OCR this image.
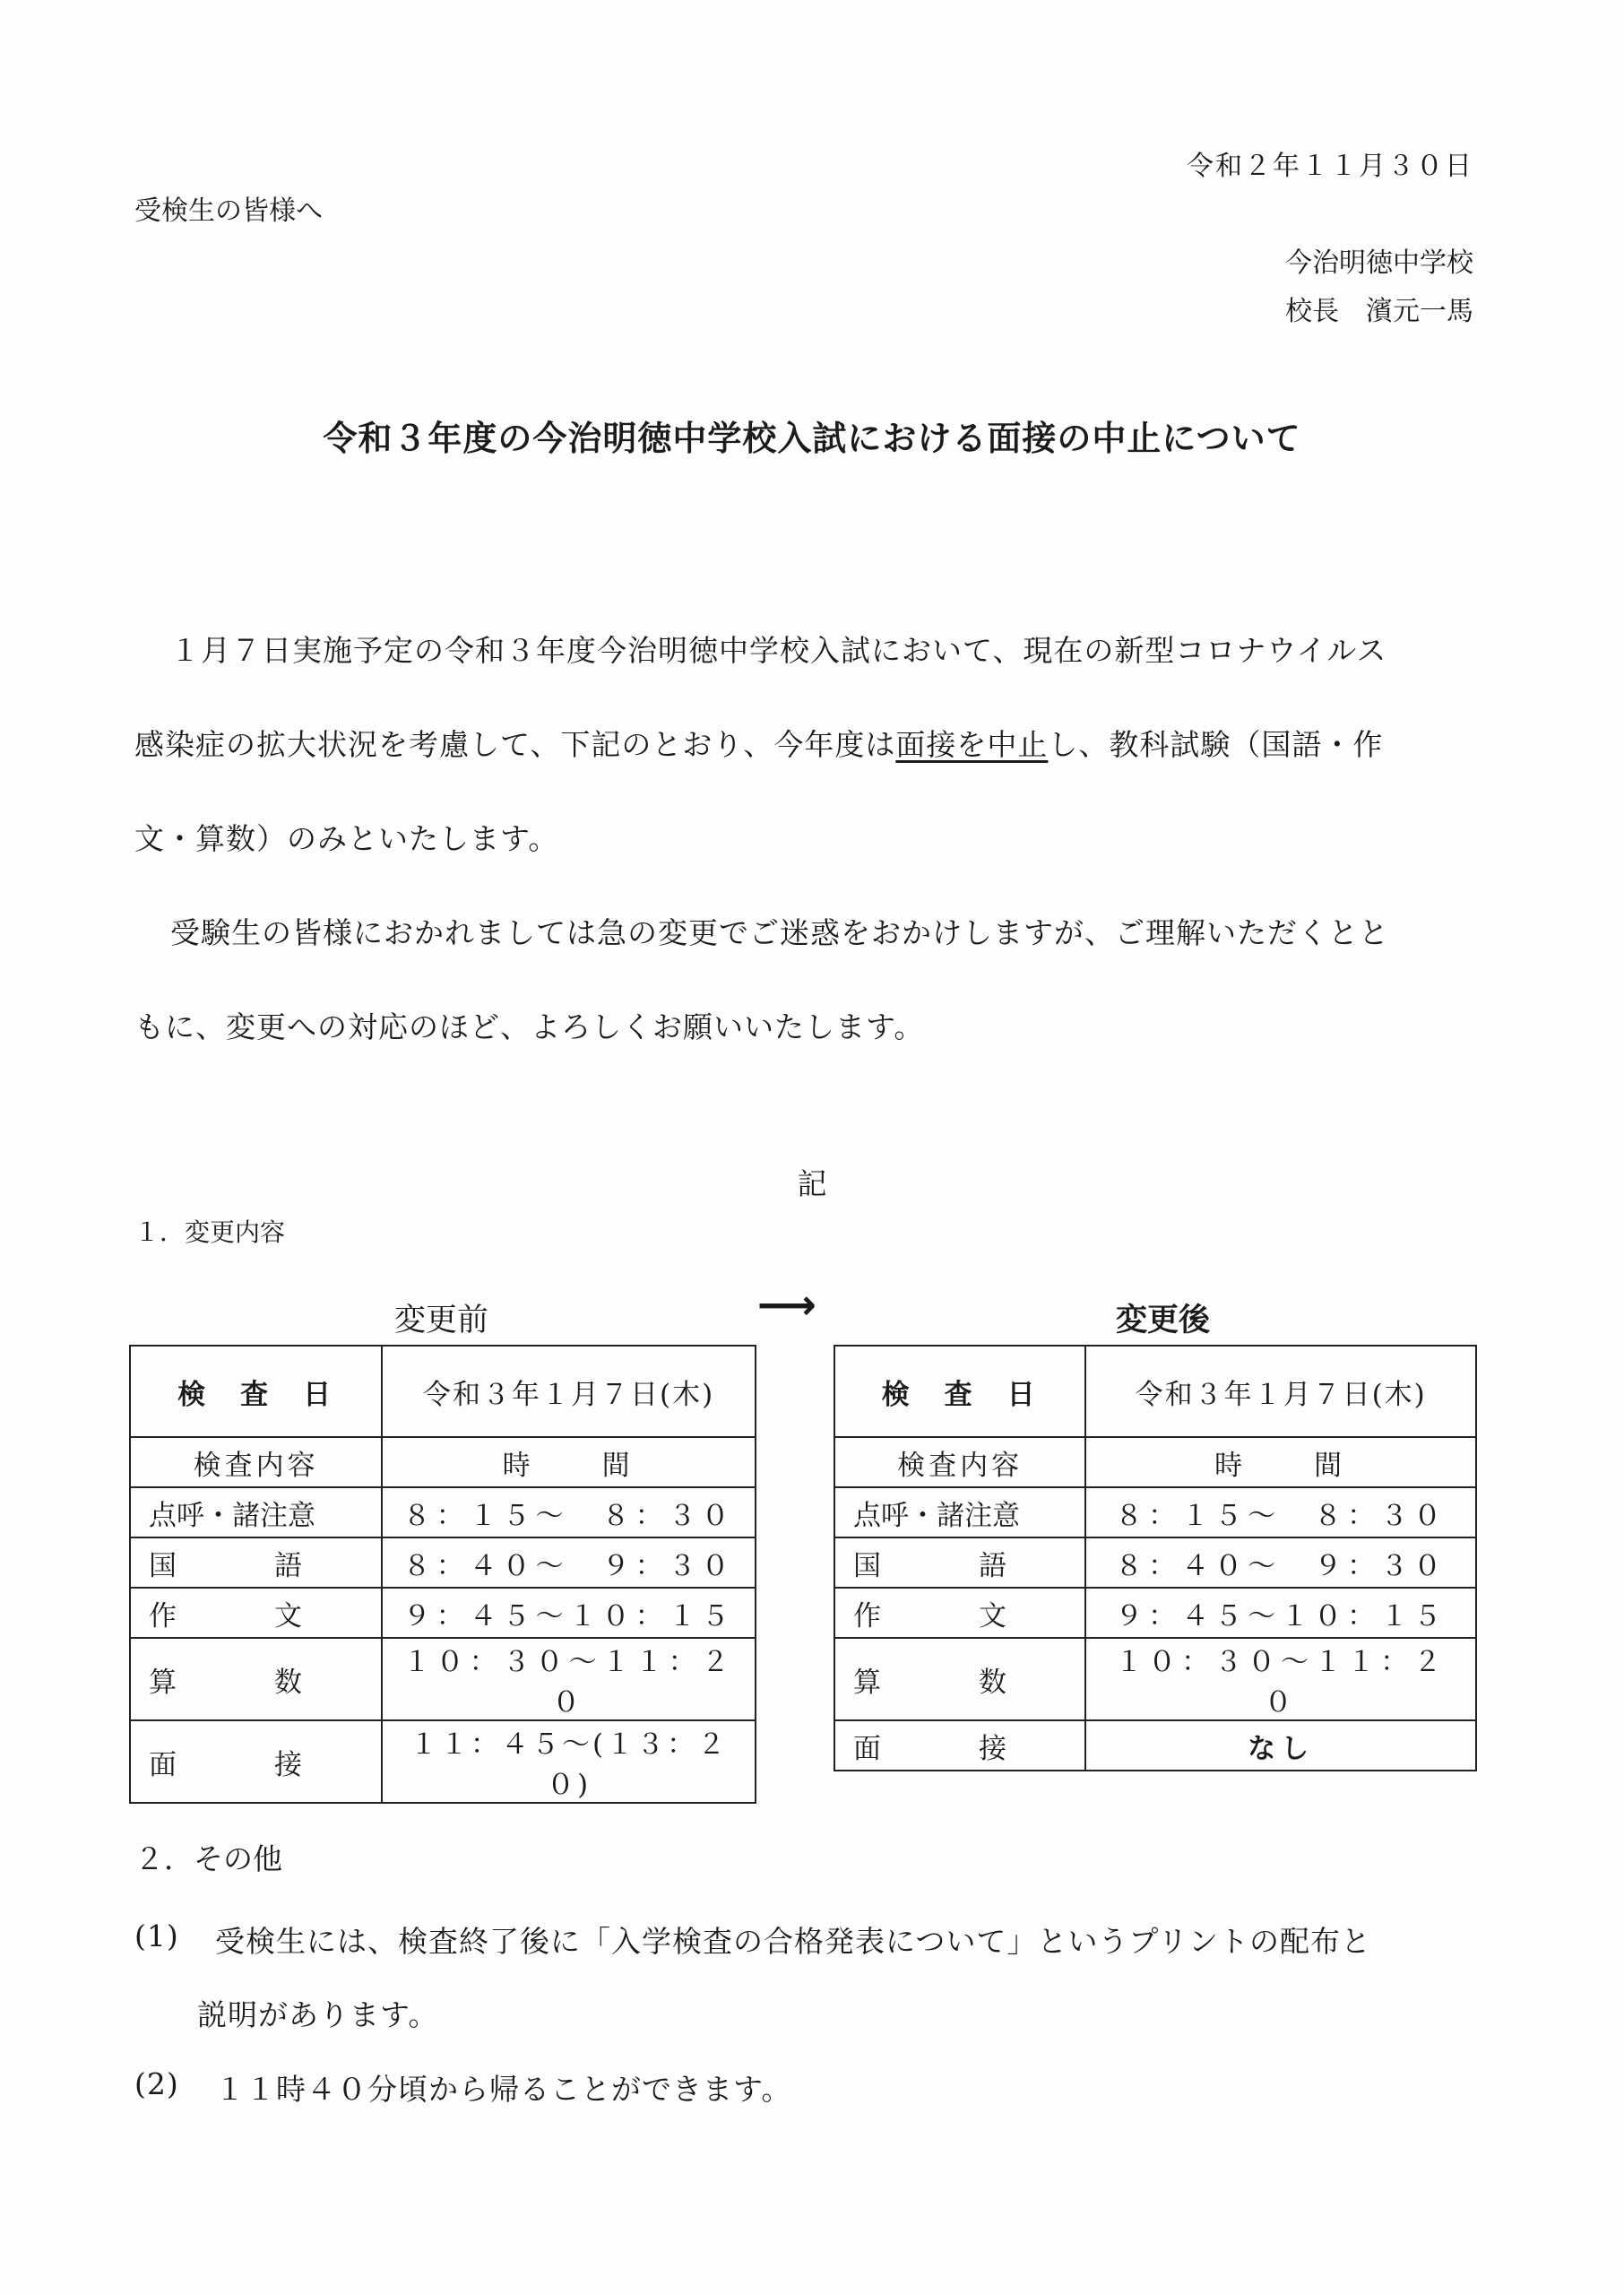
令和２年１１月３０日
受検生の皆様へ
今治明徳中学校
校長　濱元一馬
令和３年度の今治明徳中学校入試における面接の中止について
１月７日実施予定の令和３年度今治明徳中学校入試において、現在の新型コロナウイルス
感染症の拡大状況を考慮して、下記のとおり、今年度は面接を中止し、教科試験（国語・作
文・算数）のみといたします。
受験生の皆様におかれましては急の変更でご迷惑をおかけしますが、ご理解いただくとと
もに、変更への対応のほど、よろしくお願いいたします。
記
１．変更内容
変更前	⟶	変更後
検　査　日	令和３年１月７日(木)
検査内容	時　　間
点呼・諸注意	８：１５〜　８：３０
国　　　語	８：４０〜　９：３０
作　　　文	９：４５〜１０：１５
算　　　数	１０：３０〜１１：２０
面　　　接	１１：４５〜(１３：２０)
検　査　日	令和３年１月７日(木)
検査内容	時　　間
点呼・諸注意	８：１５〜　８：３０
国　　　語	８：４０〜　９：３０
作　　　文	９：４５〜１０：１５
算　　　数	１０：３０〜１１：２０
面　　　接	なし
２．その他
(1) 受検生には、検査終了後に「入学検査の合格発表について」というプリントの配布と
説明があります。
(2) １１時４０分頃から帰ることができます。
